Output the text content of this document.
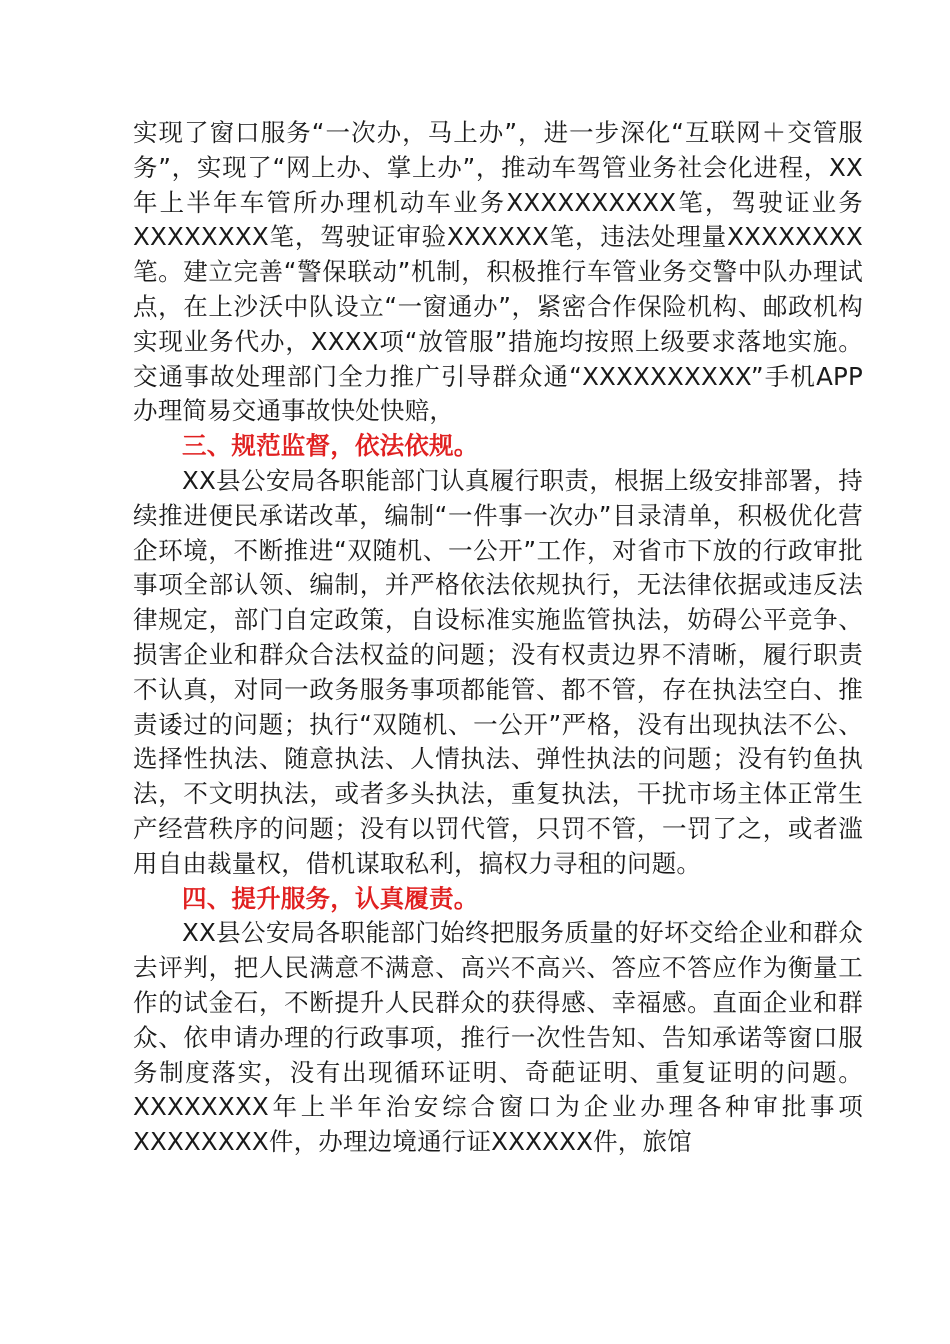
实现了窗口服务“一次办，马上办”，进一步深化“互联网＋交管服务”，实现了“网上办、掌上办”，推动车驾管业务社会化进程，XX年上半年车管所办理机动车业务XXXXXXXXXX笔，驾驶证业务XXXXXXXX笔，驾驶证审验XXXXXX笔，违法处理量XXXXXXXX笔。建立完善“警保联动”机制，积极推行车管业务交警中队办理试点，在上沙沃中队设立“一窗通办”，紧密合作保险机构、邮政机构实现业务代办，XXXX项“放管服”措施均按照上级要求落地实施。交通事故处理部门全力推广引导群众通“XXXXXXXXXX”手机APP办理简易交通事故快处快赔，

三、规范监督，依法依规。

XX县公安局各职能部门认真履行职责，根据上级安排部署，持续推进便民承诺改革，编制“一件事一次办”目录清单，积极优化营企环境，不断推进“双随机、一公开”工作，对省市下放的行政审批事项全部认领、编制，并严格依法依规执行，无法律依据或违反法律规定，部门自定政策，自设标准实施监管执法，妨碍公平竞争、损害企业和群众合法权益的问题；没有权责边界不清晰，履行职责不认真，对同一政务服务事项都能管、都不管，存在执法空白、推责诿过的问题；执行“双随机、一公开”严格，没有出现执法不公、选择性执法、随意执法、人情执法、弹性执法的问题；没有钓鱼执法，不文明执法，或者多头执法，重复执法，干扰市场主体正常生产经营秩序的问题；没有以罚代管，只罚不管，一罚了之，或者滥用自由裁量权，借机谋取私利，搞权力寻租的问题。

四、提升服务，认真履责。

XX县公安局各职能部门始终把服务质量的好坏交给企业和群众去评判，把人民满意不满意、高兴不高兴、答应不答应作为衡量工作的试金石，不断提升人民群众的获得感、幸福感。直面企业和群众、依申请办理的行政事项，推行一次性告知、告知承诺等窗口服务制度落实，没有出现循环证明、奇葩证明、重复证明的问题。XXXXXXXX年上半年治安综合窗口为企业办理各种审批事项XXXXXXXX件，办理边境通行证XXXXXX件，旅馆
